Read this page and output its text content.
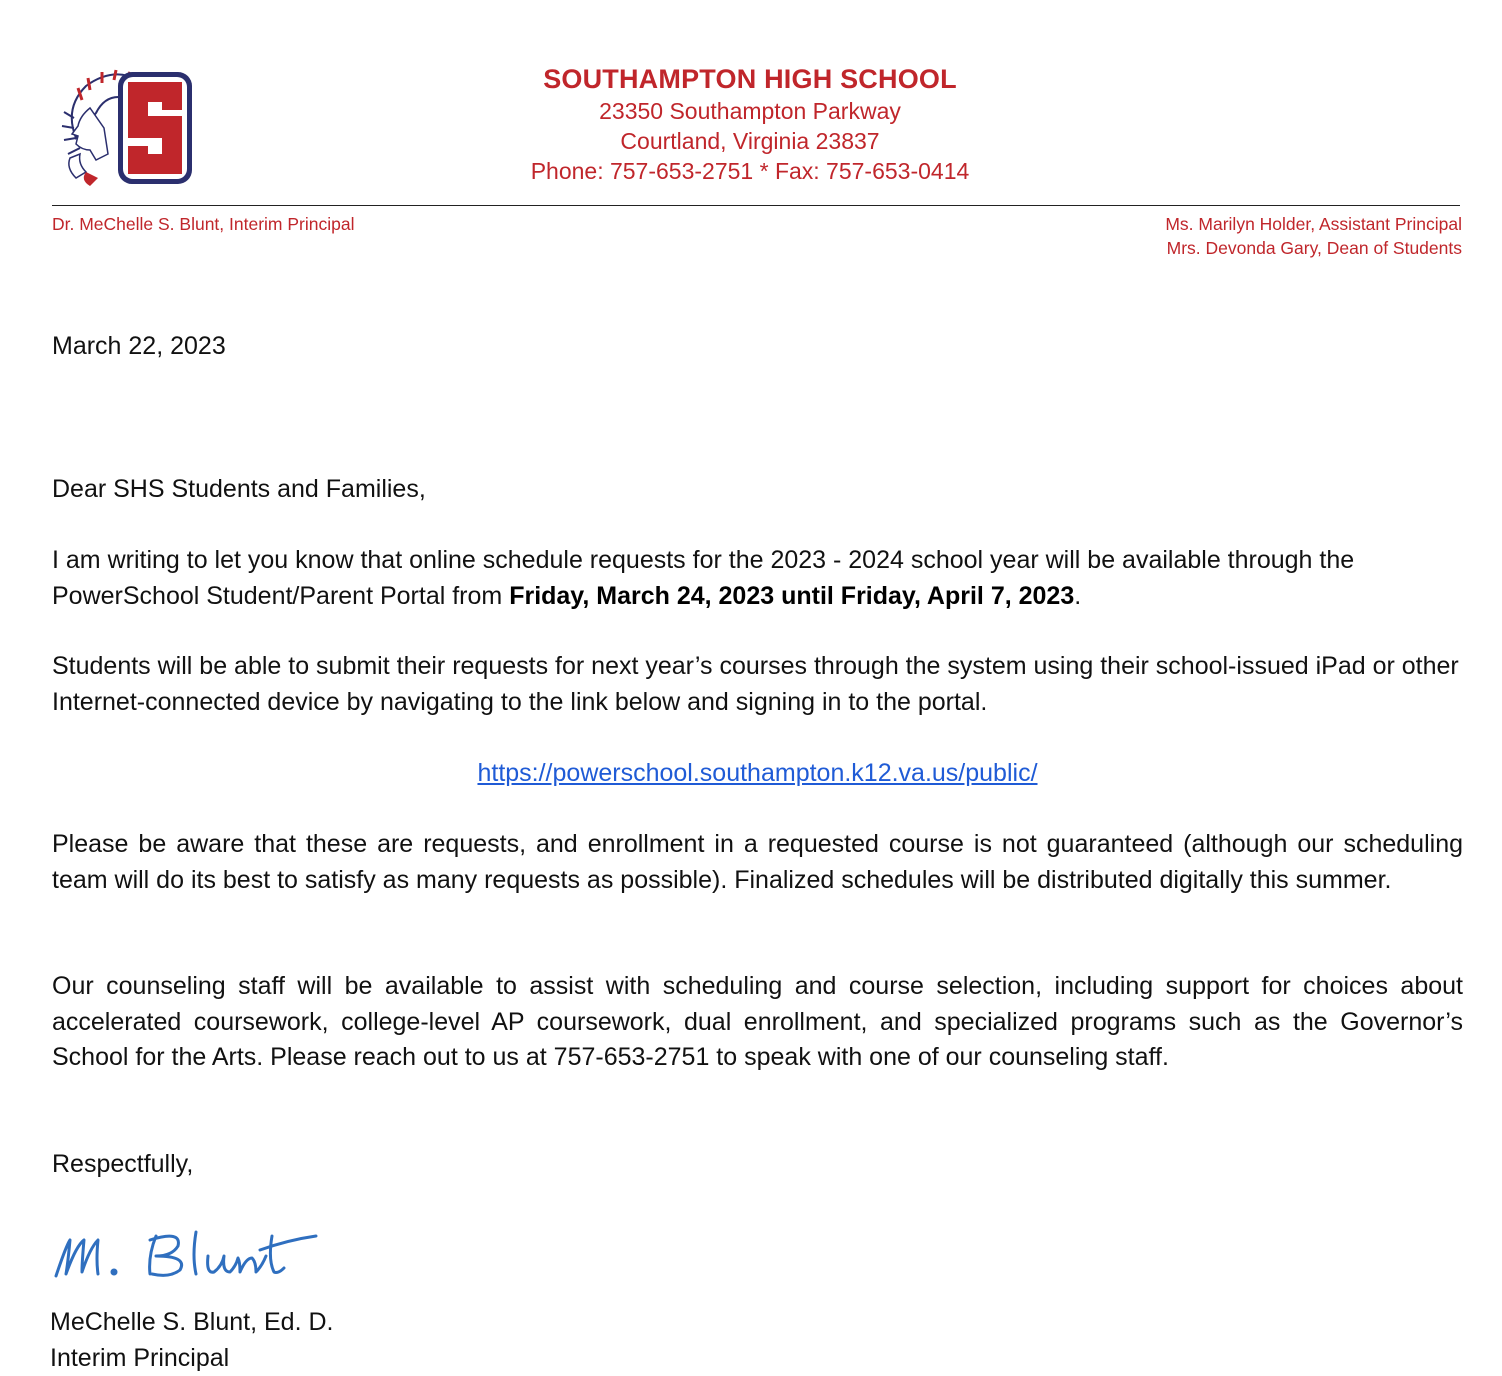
SOUTHAMPTON HIGH SCHOOL
23350 Southampton Parkway
Courtland, Virginia 23837
Phone: 757-653-2751 * Fax: 757-653-0414
Dr. MeChelle S. Blunt, Interim Principal	Ms. Marilyn Holder, Assistant Principal
Mrs. Devonda Gary, Dean of Students
March 22, 2023
Dear SHS Students and Families,
I am writing to let you know that online schedule requests for the 2023 - 2024 school year will be available through the PowerSchool Student/Parent Portal from Friday, March 24, 2023 until Friday, April 7, 2023.
Students will be able to submit their requests for next year’s courses through the system using their school-issued iPad or other Internet-connected device by navigating to the link below and signing in to the portal.
https://powerschool.southampton.k12.va.us/public/
Please be aware that these are requests, and enrollment in a requested course is not guaranteed (although our scheduling team will do its best to satisfy as many requests as possible). Finalized schedules will be distributed digitally this summer.
Our counseling staff will be available to assist with scheduling and course selection, including support for choices about accelerated coursework, college-level AP coursework, dual enrollment, and specialized programs such as the Governor’s School for the Arts. Please reach out to us at 757-653-2751 to speak with one of our counseling staff.
Respectfully,
MeChelle S. Blunt, Ed. D.
Interim Principal
